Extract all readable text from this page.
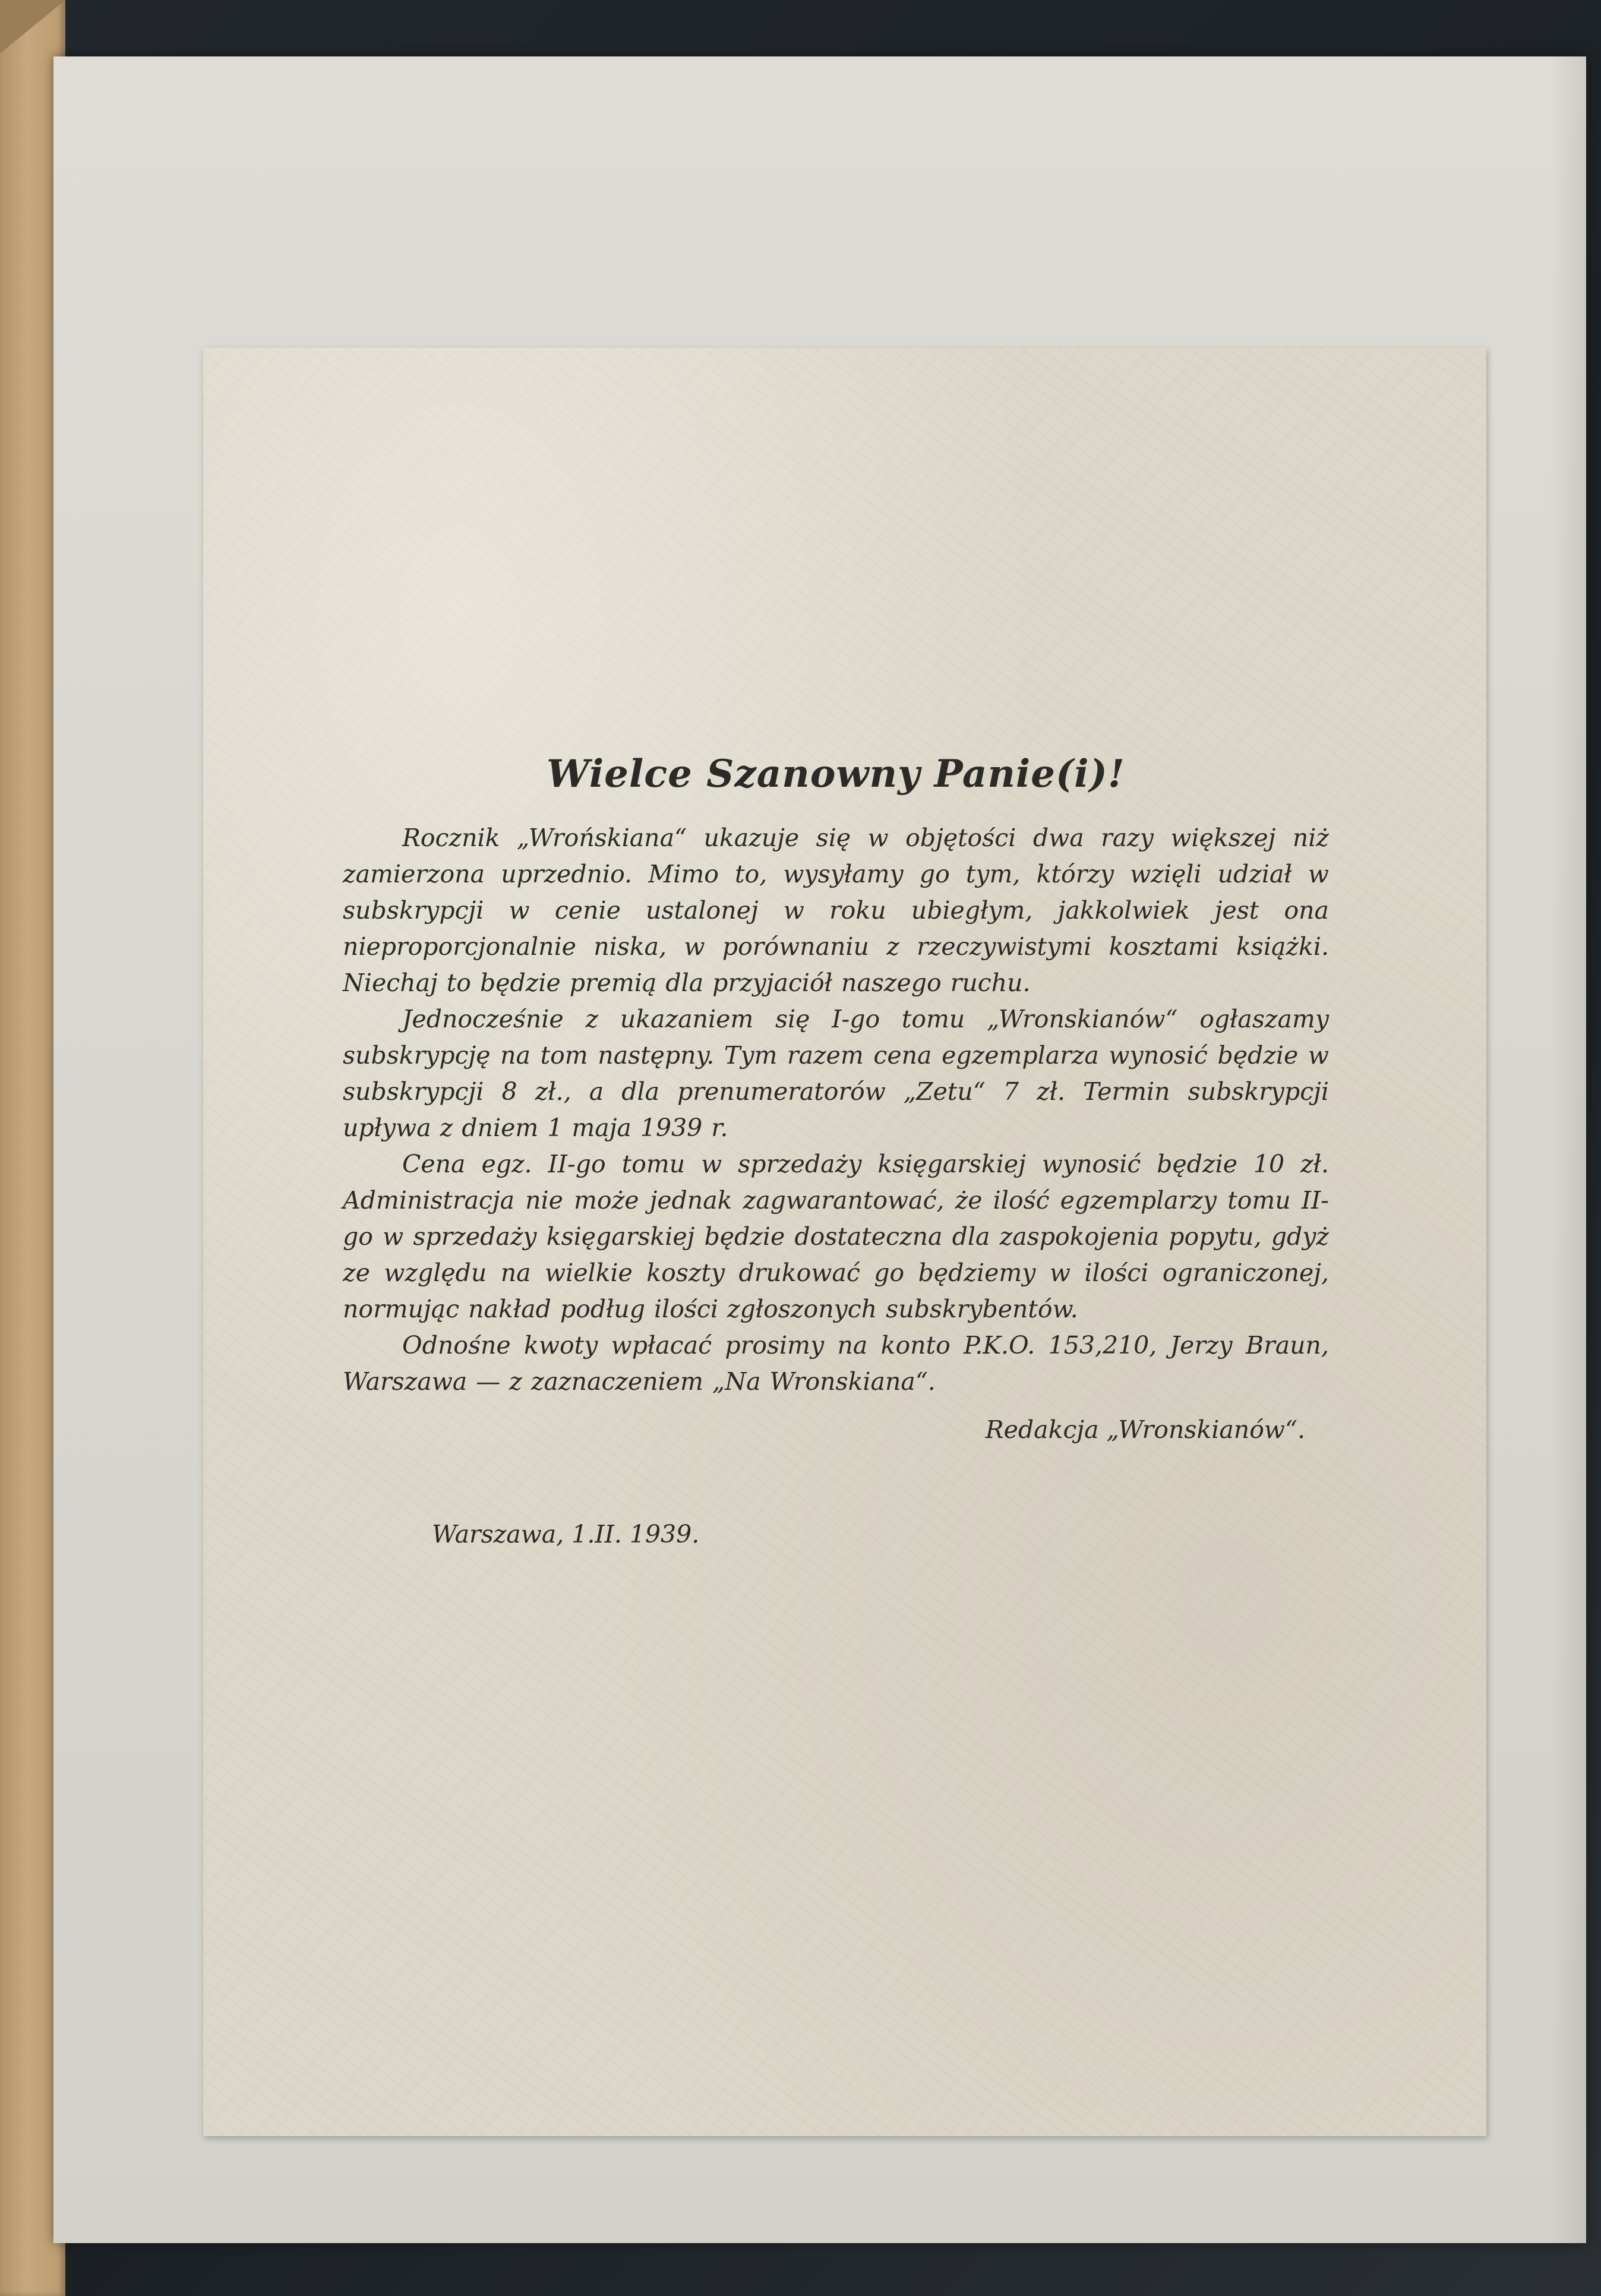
Wielce Szanowny Panie(i)!

Rocznik „Wrońskiana“ ukazuje się w objętości dwa razy większej niż zamierzona uprzednio. Mimo to, wysyłamy go tym, którzy wzięli udział w subskrypcji w cenie ustalonej w roku ubiegłym, jakkolwiek jest ona nieproporcjonalnie niska, w porównaniu z rzeczywistymi kosztami książki. Niechaj to będzie premią dla przyjaciół naszego ruchu.

Jednocześnie z ukazaniem się I-go tomu „Wronskianów“ ogłaszamy subskrypcję na tom następny. Tym razem cena egzemplarza wynosić będzie w subskrypcji 8 zł., a dla prenumeratorów „Zetu“ 7 zł. Termin subskrypcji upływa z dniem 1 maja 1939 r.

Cena egz. II-go tomu w sprzedaży księgarskiej wynosić będzie 10 zł. Administracja nie może jednak zagwarantować, że ilość egzemplarzy tomu II-go w sprzedaży księgarskiej będzie dostateczna dla zaspokojenia popytu, gdyż ze względu na wielkie koszty drukować go będziemy w ilości ograniczonej, normując nakład podług ilości zgłoszonych subskrybentów.

Odnośne kwoty wpłacać prosimy na konto P.K.O. 153,210, Jerzy Braun, Warszawa — z zaznaczeniem „Na Wronskiana“.

Redakcja „Wronskianów“.
Warszawa, 1.II. 1939.
